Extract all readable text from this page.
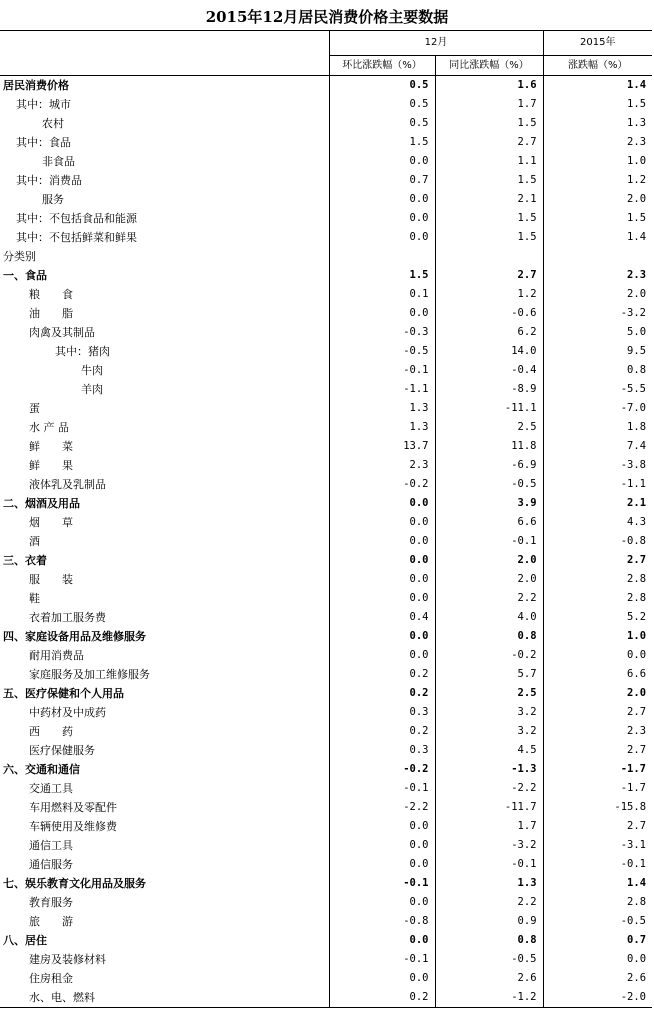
2015年12月居民消费价格主要数据
	12月		2015年
	环比涨跌幅（%）	同比涨跌幅（%）	涨跌幅（%）
居民消费价格	0.5	1.6	1.4
其中：城市	0.5	1.7	1.5
农村	0.5	1.5	1.3
其中：食品	1.5	2.7	2.3
非食品	0.0	1.1	1.0
其中：消费品	0.7	1.5	1.2
服务	0.0	2.1	2.0
其中：不包括食品和能源	0.0	1.5	1.5
其中：不包括鲜菜和鲜果	0.0	1.5	1.4
分类别			
一、食品	1.5	2.7	2.3
粮　　食	0.1	1.2	2.0
油　　脂	0.0	-0.6	-3.2
肉禽及其制品	-0.3	6.2	5.0
其中：猪肉	-0.5	14.0	9.5
牛肉	-0.1	-0.4	0.8
羊肉	-1.1	-8.9	-5.5
蛋	1.3	-11.1	-7.0
水 产 品	1.3	2.5	1.8
鲜　　菜	13.7	11.8	7.4
鲜　　果	2.3	-6.9	-3.8
液体乳及乳制品	-0.2	-0.5	-1.1
二、烟酒及用品	0.0	3.9	2.1
烟　　草	0.0	6.6	4.3
酒	0.0	-0.1	-0.8
三、衣着	0.0	2.0	2.7
服　　装	0.0	2.0	2.8
鞋	0.0	2.2	2.8
衣着加工服务费	0.4	4.0	5.2
四、家庭设备用品及维修服务	0.0	0.8	1.0
耐用消费品	0.0	-0.2	0.0
家庭服务及加工维修服务	0.2	5.7	6.6
五、医疗保健和个人用品	0.2	2.5	2.0
中药材及中成药	0.3	3.2	2.7
西　　药	0.2	3.2	2.3
医疗保健服务	0.3	4.5	2.7
六、交通和通信	-0.2	-1.3	-1.7
交通工具	-0.1	-2.2	-1.7
车用燃料及零配件	-2.2	-11.7	-15.8
车辆使用及维修费	0.0	1.7	2.7
通信工具	0.0	-3.2	-3.1
通信服务	0.0	-0.1	-0.1
七、娱乐教育文化用品及服务	-0.1	1.3	1.4
教育服务	0.0	2.2	2.8
旅　　游	-0.8	0.9	-0.5
八、居住	0.0	0.8	0.7
建房及装修材料	-0.1	-0.5	0.0
住房租金	0.0	2.6	2.6
水、电、燃料	0.2	-1.2	-2.0
